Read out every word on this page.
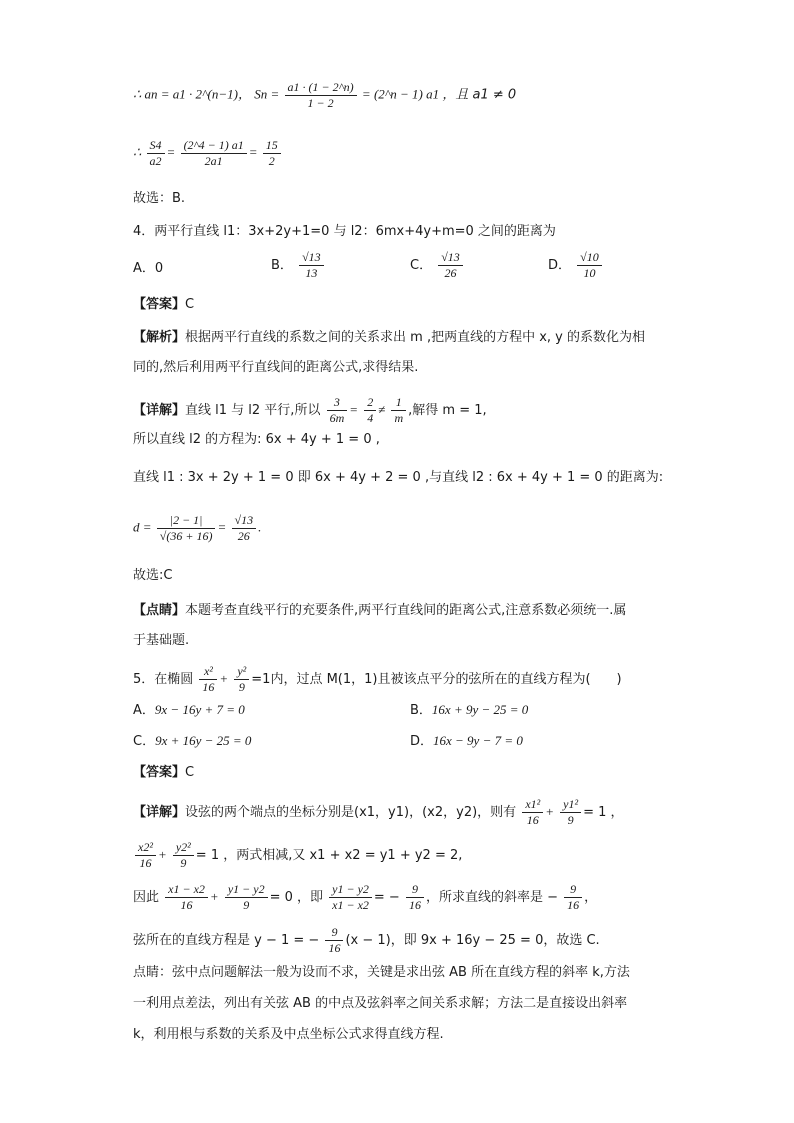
∴ an = a1 · 2^(n−1)， $Sn = \frac{a1 \cdot (1 - 2\^{}n)}{1 - 2}$ = (2^n − 1) a1 ，且 a1 ≠ 0
∴ $\frac{S4}{a2} = \frac{(2\^{}4 - 1) a1}{2a1} = \frac{15}{2}$
故选：B.
4．两平行直线 l1：3x+2y+1=0 与 l2：6mx+4y+m=0 之间的距离为
A．0	B． $\frac{√13}{13}$	C． $\frac{√13}{26}$	D． $\frac{√10}{10}$
【答案】C
【解析】根据两平行直线的系数之间的关系求出 m ,把两直线的方程中 x, y 的系数化为相
同的,然后利用两平行直线间的距离公式,求得结果.
【详解】直线 l1 与 l2 平行,所以 $\frac{3}{6m} = \frac{2}{4} \ne \frac{1}{m}$ ,解得 m = 1,
所以直线 l2 的方程为: 6x + 4y + 1 = 0 ,
直线 l1 : 3x + 2y + 1 = 0 即 6x + 4y + 2 = 0 ,与直线 l2 : 6x + 4y + 1 = 0 的距离为:
$d = \frac{|2 - 1|}{√(36 + 16)} = \frac{√13}{26}$ .
故选:C
【点睛】本题考查直线平行的充要条件,两平行直线间的距离公式,注意系数必须统一.属
于基础题.
5．在椭圆 $\frac{\text{x²}}{16} + \frac{\text{y²}}{9} =1$内，过点 M(1，1)且被该点平分的弦所在的直线方程为(　　)
A．9x − 16y + 7 = 0	B．16x + 9y − 25 = 0
C．9x + 16y − 25 = 0	D．16x − 9y − 7 = 0
【答案】C
【详解】设弦的两个端点的坐标分别是(x1，y1)，(x2，y2)，则有 $\frac{\text{x1²}}{16} + \frac{\text{y1²}}{9} = 1$ ，
$\frac{\text{x2²}}{16} + \frac{\text{y2²}}{9} = 1$ ，两式相减,又 x1 + x2 = y1 + y2 = 2,
因此 $\frac{x1 - x2}{16} + \frac{y1 - y2}{9} = 0$ ，即 $\frac{y1 - y2}{x1 - x2}$ = − $\frac{9}{16}$ ，所求直线的斜率是 − $\frac{9}{16}$ ，
弦所在的直线方程是 y − 1 = − $\frac{9}{16} (x - 1)$，即 9x + 16y − 25 = 0，故选 C.
点睛：弦中点问题解法一般为设而不求，关键是求出弦 AB 所在直线方程的斜率 k,方法
一利用点差法，列出有关弦 AB 的中点及弦斜率之间关系求解；方法二是直接设出斜率
k，利用根与系数的关系及中点坐标公式求得直线方程.
